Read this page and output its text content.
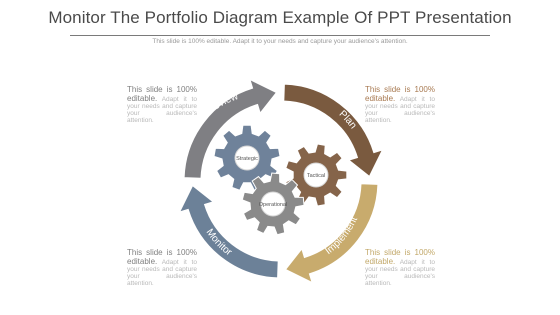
Monitor The Portfolio Diagram Example Of PPT Presentation
This slide is 100% editable. Adapt it to your needs and capture your audience's attention.
This slide is 100% editable. Adapt it to your needs and capture your audience's attention.
This slide is 100% editable. Adapt it to your needs and capture your audience's attention.
This slide is 100% editable. Adapt it to your needs and capture your audience's attention.
This slide is 100% editable. Adapt it to your needs and capture your audience's attention.
Review
Plan
Implement
Monitor
Strategic
Tactical
Operational
